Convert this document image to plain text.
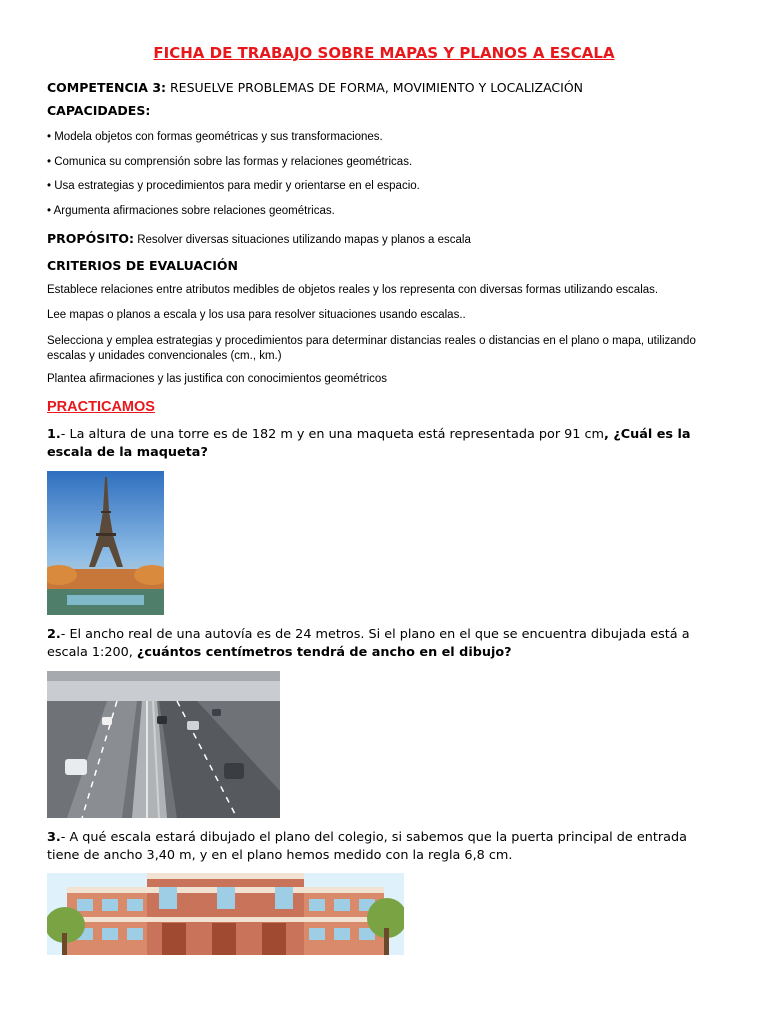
FICHA DE TRABAJO SOBRE MAPAS Y PLANOS A ESCALA
COMPETENCIA 3: RESUELVE PROBLEMAS DE FORMA, MOVIMIENTO Y LOCALIZACIÓN
CAPACIDADES:
• Modela objetos con formas geométricas y sus transformaciones.
• Comunica su comprensión sobre las formas y relaciones geométricas.
• Usa estrategias y procedimientos para medir y orientarse en el espacio.
• Argumenta afirmaciones sobre relaciones geométricas.
PROPÓSITO: Resolver diversas situaciones utilizando mapas y planos a escala
CRITERIOS DE EVALUACIÓN
Establece relaciones entre atributos medibles de objetos reales y los representa con diversas formas utilizando escalas.
Lee mapas o planos a escala y los usa para resolver situaciones usando escalas..
Selecciona y emplea estrategias y procedimientos para determinar distancias reales o distancias en el plano o mapa, utilizando escalas y unidades convencionales (cm., km.)
Plantea afirmaciones y las justifica con conocimientos geométricos
PRACTICAMOS
1.- La altura de una torre es de 182 m y en una maqueta está representada por 91 cm, ¿Cuál es la escala de la maqueta?
2.- El ancho real de una autovía es de 24 metros. Si el plano en el que se encuentra dibujada está a escala 1:200, ¿cuántos centímetros tendrá de ancho en el dibujo?
3.- A qué escala estará dibujado el plano del colegio, si sabemos que la puerta principal de entrada tiene de ancho 3,40 m, y en el plano hemos medido con la regla 6,8 cm.
